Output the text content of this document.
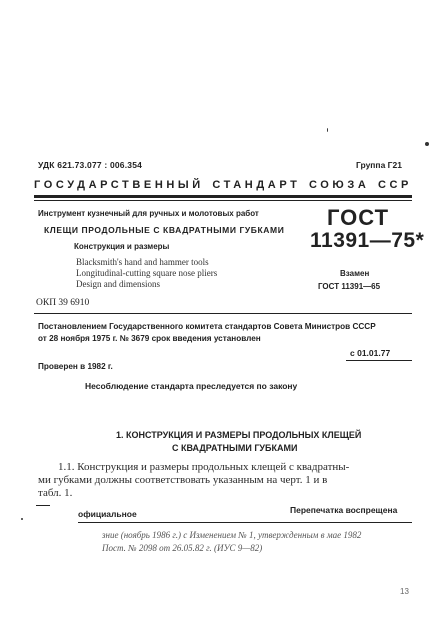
УДК 621.73.077 : 006.354	Группа Г21
ГОСУДАРСТВЕННЫЙ СТАНДАРТ СОЮЗА ССР
Инструмент кузнечный для ручных и молотовых работ
КЛЕЩИ ПРОДОЛЬНЫЕ С КВАДРАТНЫМИ ГУБКАМИ
Конструкция и размеры
Blacksmith's hand and hammer tools
Longitudinal-cutting square nose pliers
Design and dimensions
ГОСТ
11391—75*
Взамен
ГОСТ 11391—65
ОКП 39 6910
Постановлением Государственного комитета стандартов Совета Министров СССР
от 28 ноября 1975 г. № 3679 срок введения установлен
с 01.01.77
Проверен в 1982 г.
Несоблюдение стандарта преследуется по закону
1. КОНСТРУКЦИЯ И РАЗМЕРЫ ПРОДОЛЬНЫХ КЛЕЩЕЙ
С КВАДРАТНЫМИ ГУБКАМИ
1.1. Конструкция и размеры продольных клещей с квадратны-
ми губками должны соответствовать указанным на черт. 1 и в
табл. 1.
официальное	Перепечатка воспрещена
зние (ноябрь 1986 г.) с Изменением № 1, утвержденным в мае 1982
Пост. № 2098 от 26.05.82 г. (ИУС 9—82)
13
